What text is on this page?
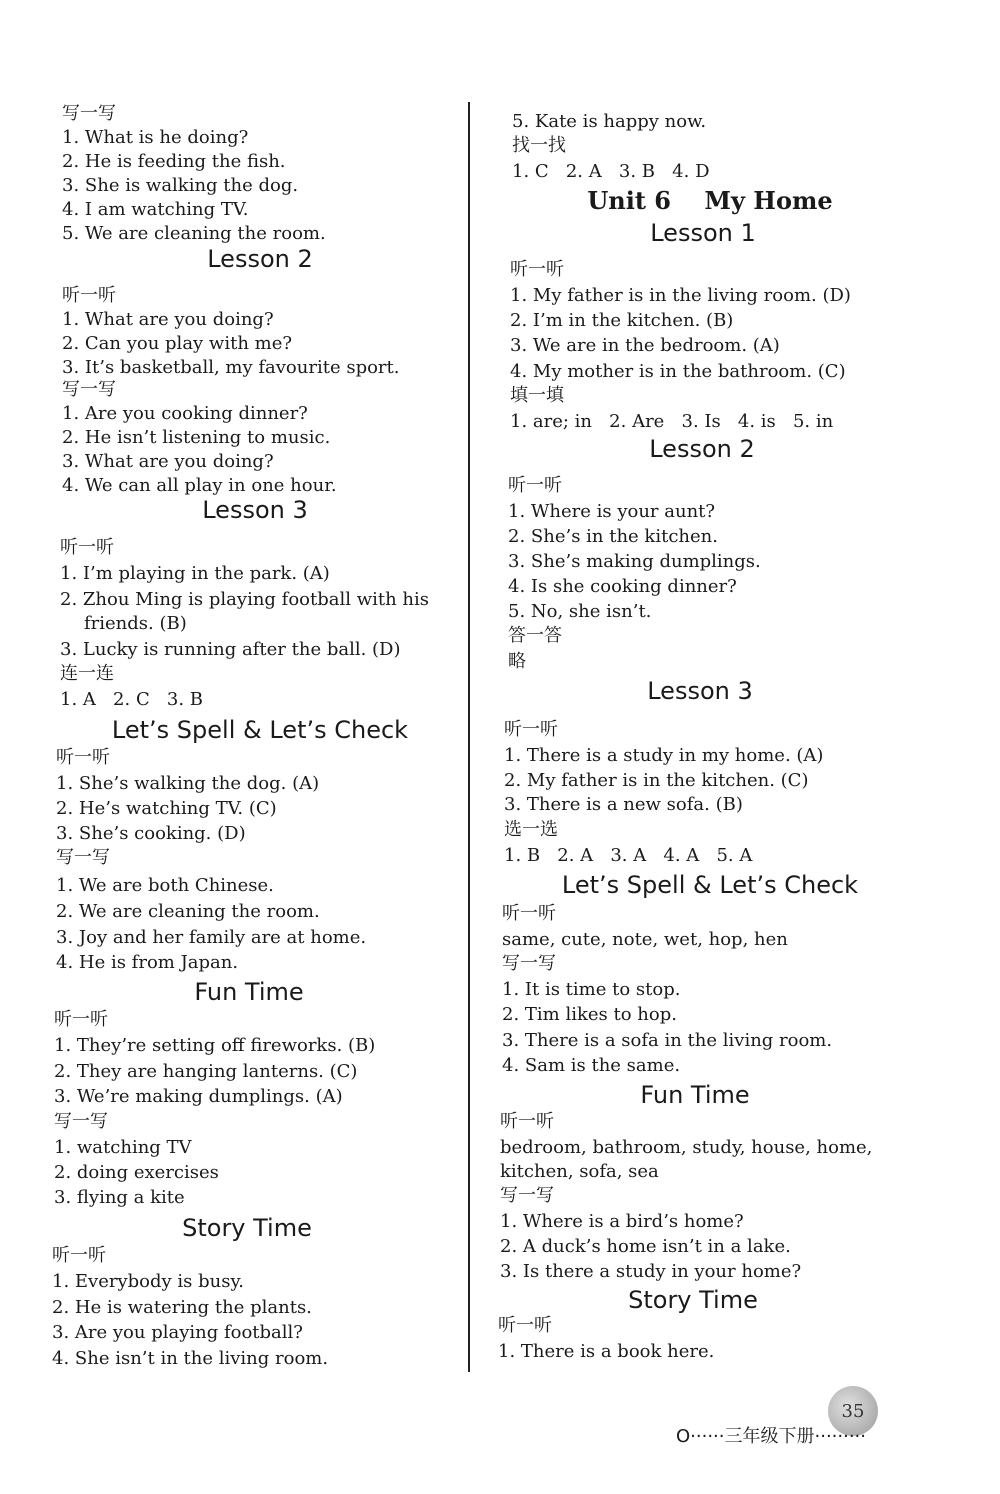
写一写
1. What is he doing?
2. He is feeding the fish.
3. She is walking the dog.
4. I am watching TV.
5. We are cleaning the room.
Lesson 2
听一听
1. What are you doing?
2. Can you play with me?
3. It’s basketball, my favourite sport.
写一写
1. Are you cooking dinner?
2. He isn’t listening to music.
3. What are you doing?
4. We can all play in one hour.
Lesson 3
听一听
1. I’m playing in the park. (A)
2. Zhou Ming is playing football with his
friends. (B)
3. Lucky is running after the ball. (D)
连一连
1. A   2. C   3. B
Let’s Spell & Let’s Check
听一听
1. She’s walking the dog. (A)
2. He’s watching TV. (C)
3. She’s cooking. (D)
写一写
1. We are both Chinese.
2. We are cleaning the room.
3. Joy and her family are at home.
4. He is from Japan.
Fun Time
听一听
1. They’re setting off fireworks. (B)
2. They are hanging lanterns. (C)
3. We’re making dumplings. (A)
写一写
1. watching TV
2. doing exercises
3. flying a kite
Story Time
听一听
1. Everybody is busy.
2. He is watering the plants.
3. Are you playing football?
4. She isn’t in the living room.
5. Kate is happy now.
找一找
1. C   2. A   3. B   4. D
Unit 6    My Home
Lesson 1
听一听
1. My father is in the living room. (D)
2. I’m in the kitchen. (B)
3. We are in the bedroom. (A)
4. My mother is in the bathroom. (C)
填一填
1. are; in   2. Are   3. Is   4. is   5. in
Lesson 2
听一听
1. Where is your aunt?
2. She’s in the kitchen.
3. She’s making dumplings.
4. Is she cooking dinner?
5. No, she isn’t.
答一答
略
Lesson 3
听一听
1. There is a study in my home. (A)
2. My father is in the kitchen. (C)
3. There is a new sofa. (B)
选一选
1. B   2. A   3. A   4. A   5. A
Let’s Spell & Let’s Check
听一听
same, cute, note, wet, hop, hen
写一写
1. It is time to stop.
2. Tim likes to hop.
3. There is a sofa in the living room.
4. Sam is the same.
Fun Time
听一听
bedroom, bathroom, study, house, home,
kitchen, sofa, sea
写一写
1. Where is a bird’s home?
2. A duck’s home isn’t in a lake.
3. Is there a study in your home?
Story Time
听一听
1. There is a book here.
35
O······三年级下册·········
